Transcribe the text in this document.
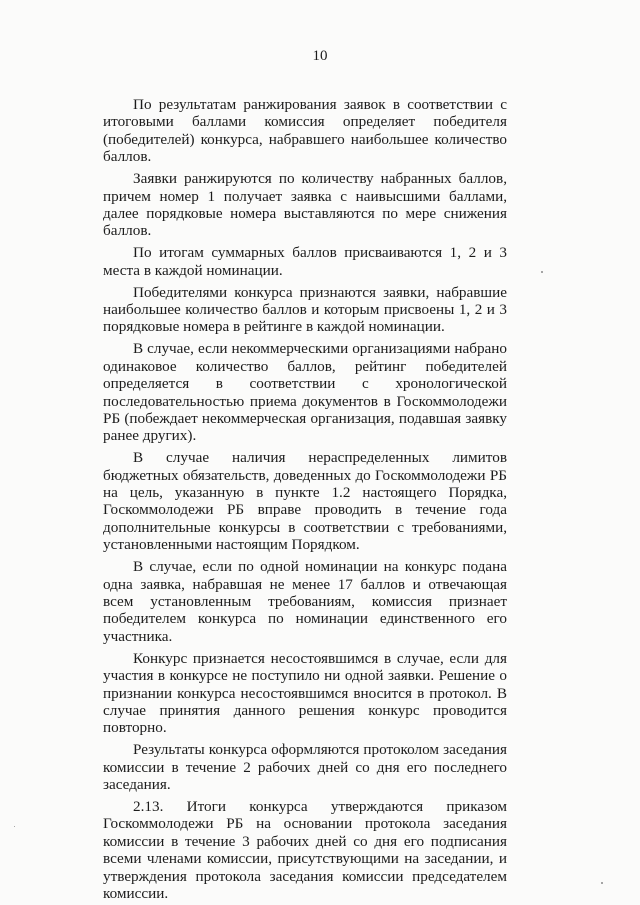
10

По результатам ранжирования заявок в соответствии с итоговыми баллами комиссия определяет победителя (победителей) конкурса, набравшего наибольшее количество баллов.

Заявки ранжируются по количеству набранных баллов, причем номер 1 получает заявка с наивысшими баллами, далее порядковые номера выставляются по мере снижения баллов.

По итогам суммарных баллов присваиваются 1, 2 и 3 места в каждой номинации.

Победителями конкурса признаются заявки, набравшие наибольшее количество баллов и которым присвоены 1, 2 и 3 порядковые номера в рейтинге в каждой номинации.

В случае, если некоммерческими организациями набрано одинаковое количество баллов, рейтинг победителей определяется в соответствии с хронологической последовательностью приема документов в Госкоммолодежи РБ (побеждает некоммерческая организация, подавшая заявку ранее других).

В случае наличия нераспределенных лимитов бюджетных обязательств, доведенных до Госкоммолодежи РБ на цель, указанную в пункте 1.2 настоящего Порядка, Госкоммолодежи РБ вправе проводить в течение года дополнительные конкурсы в соответствии с требованиями, установленными настоящим Порядком.

В случае, если по одной номинации на конкурс подана одна заявка, набравшая не менее 17 баллов и отвечающая всем установленным требованиям, комиссия признает победителем конкурса по номинации единственного его участника.

Конкурс признается несостоявшимся в случае, если для участия в конкурсе не поступило ни одной заявки. Решение о признании конкурса несостоявшимся вносится в протокол. В случае принятия данного решения конкурс проводится повторно.

Результаты конкурса оформляются протоколом заседания комиссии в течение 2 рабочих дней со дня его последнего заседания.

2.13. Итоги конкурса утверждаются приказом Госкоммолодежи РБ на основании протокола заседания комиссии в течение 3 рабочих дней со дня его подписания всеми членами комиссии, присутствующими на заседании, и утверждения протокола заседания комиссии председателем комиссии.
